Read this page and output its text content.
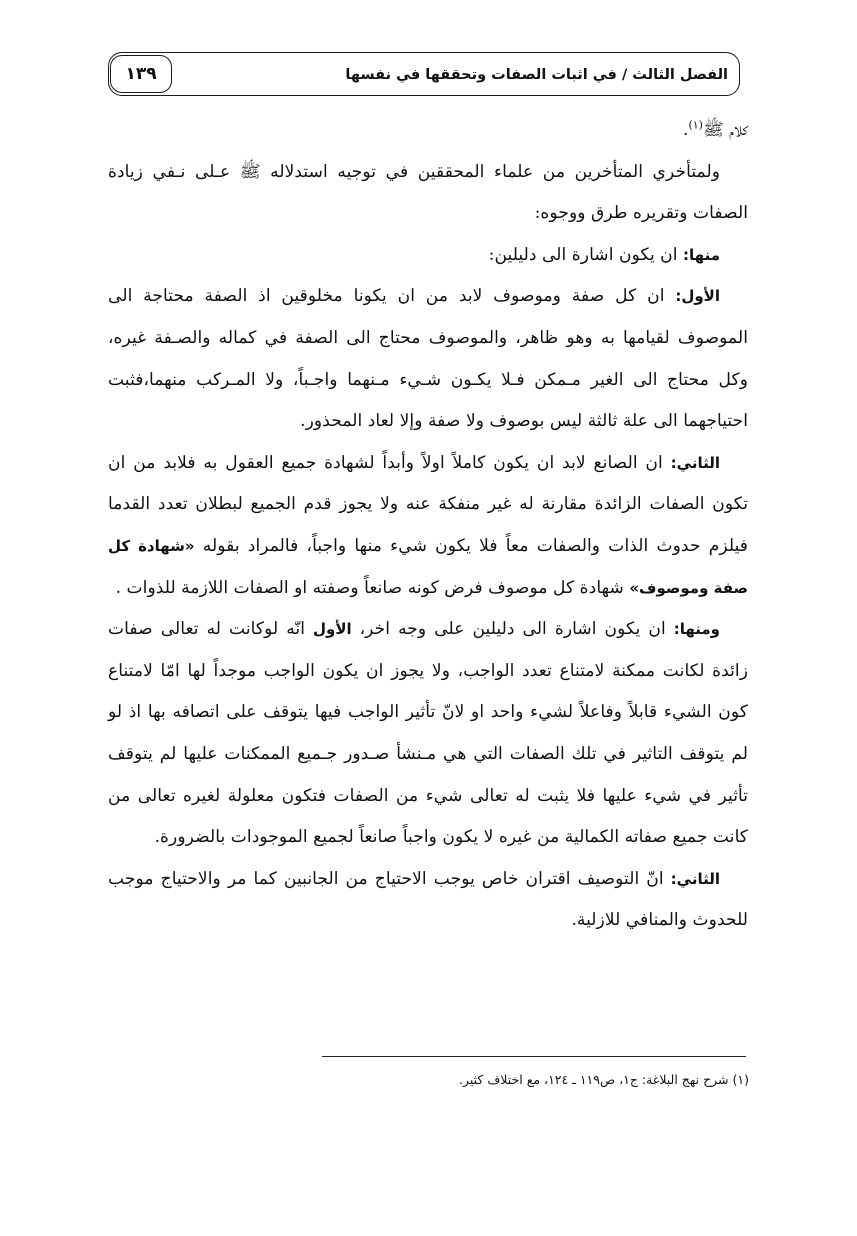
١٣٩	الفصل الثالث / في اثبات الصفات وتحققها في نفسها

كلام ﷺ$^{(١)}$.

ولمتأخري المتأخرين من علماء المحققين في توجيه استدلاله ﷺ عـلى نـفي زيادة الصفات وتقريره طرق ووجوه:

منها: ان يكون اشارة الى دليلين:

الأول: ان كل صفة وموصوف لابد من ان يكونا مخلوقين اذ الصفة محتاجة الى الموصوف لقيامها به وهو ظاهر، والموصوف محتاج الى الصفة في كماله والصـفة غيره، وكل محتاج الى الغير مـمكن فـلا يكـون شـيء مـنهما واجـباً، ولا المـركب منهما،فثبت احتياجهما الى علة ثالثة ليس بوصوف ولا صفة وإلا لعاد المحذور.

الثاني: ان الصانع لابد ان يكون كاملاً اولاً وأبداً لشهادة جميع العقول به فلابد من ان تكون الصفات الزائدة مقارنة له غير منفكة عنه ولا يجوز قدم الجميع لبطلان تعدد القدما فيلزم حدوث الذات والصفات معاً فلا يكون شيء منها واجباً، فالمراد بقوله «شهادة كل صفة وموصوف» شهادة كل موصوف فرض كونه صانعاً وصفته او الصفات اللازمة للذوات .

ومنها: ان يكون اشارة الى دليلين على وجه اخر، الأول انّه لوكانت له تعالى صفات زائدة لكانت ممكنة لامتناع تعدد الواجب، ولا يجوز ان يكون الواجب موجداً لها امّا لامتناع كون الشيء قابلاً وفاعلاً لشيء واحد او لانّ تأثير الواجب فيها يتوقف على اتصافه بها اذ لو لم يتوقف التاثير في تلك الصفات التي هي مـنشأ صـدور جـميع الممكنات عليها لم يتوقف تأثير في شيء عليها فلا يثبت له تعالى شيء من الصفات فتكون معلولة لغيره تعالى من كانت جميع صفاته الكمالية من غيره لا يكون واجباً صانعاً لجميع الموجودات بالضرورة.

الثاني: انّ التوصيف اقتران خاص يوجب الاحتياج من الجانبين كما مر والاحتياج موجب للحدوث والمنافي للازلية.

(١) شرح نهج البلاغة: ج١، ص١١٩ ـ ١٢٤، مع اختلاف كثير.
